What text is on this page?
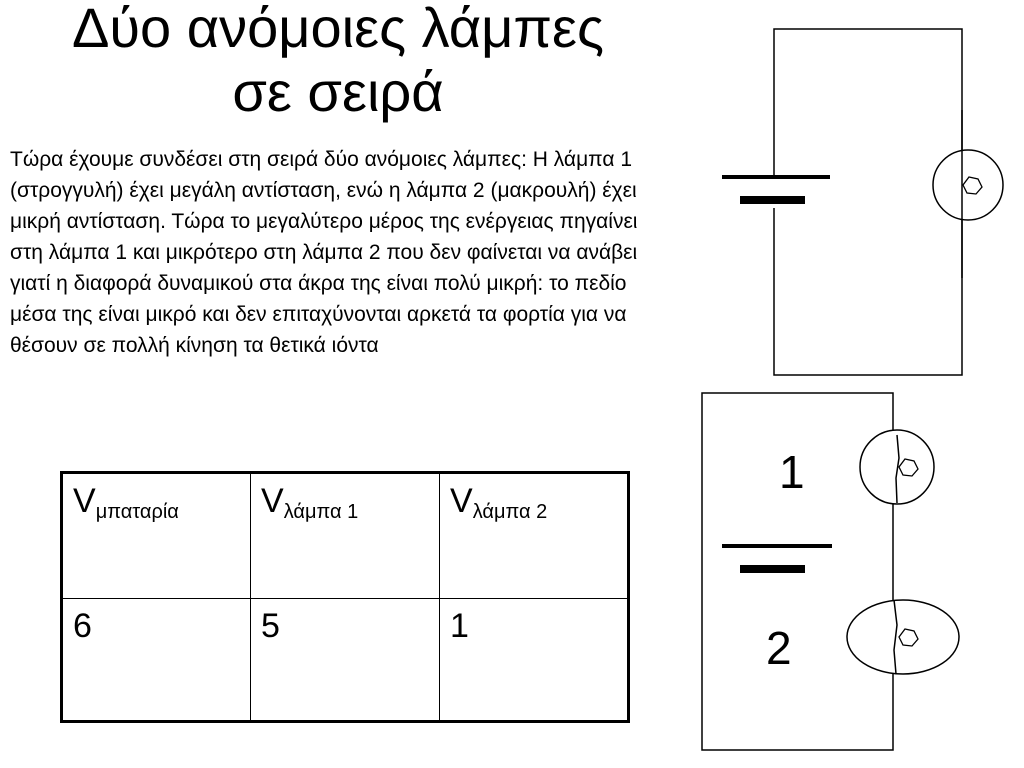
Δύο ανόμοιες λάμπες
σε σειρά

Τώρα έχουμε συνδέσει στη σειρά δύο ανόμοιες λάμπες: Η λάμπα 1 (στρογγυλή) έχει μεγάλη αντίσταση, ενώ η λάμπα 2 (μακρουλή) έχει μικρή αντίσταση. Τώρα το μεγαλύτερο μέρος της ενέργειας πηγαίνει στη λάμπα 1 και μικρότερο στη λάμπα 2 που δεν φαίνεται να ανάβει γιατί η διαφορά δυναμικού στα άκρα της είναι πολύ μικρή: το πεδίο μέσα της είναι μικρό και δεν επιταχύνονται αρκετά τα φορτία για να θέσουν σε πολλή κίνηση τα θετικά ιόντα

$V_{\mu\pi\alpha\tau\alpha\rho ί\alpha}$	$V_{\lambda ά\mu\pi\alpha 1}$	$V_{\lambda ά\mu\pi\alpha 2}$
6	5	1
1
2
